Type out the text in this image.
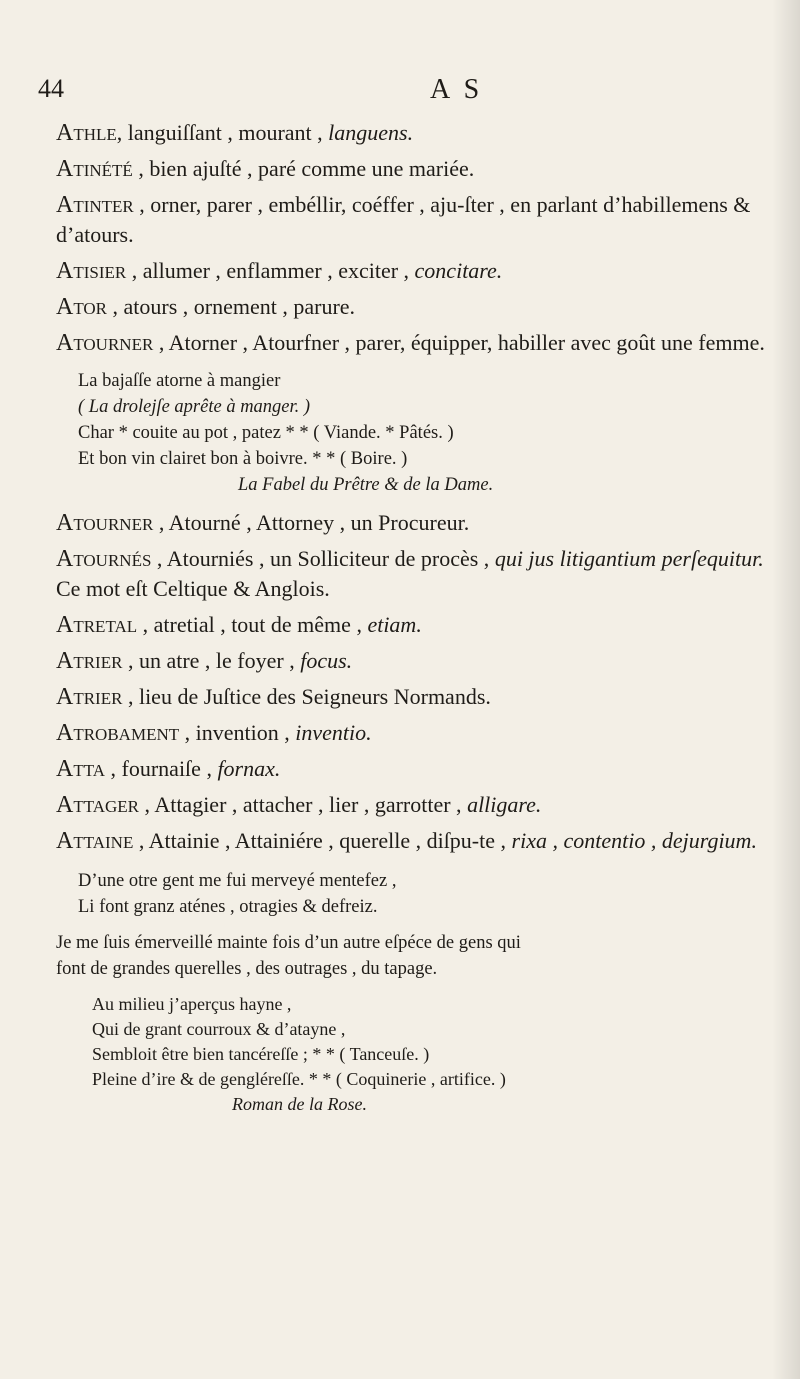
44	A S

Athle, languiſſant , mourant , languens.

Atinété , bien ajuſté , paré comme une mariée.

Atinter , orner, parer , embéllir, coéffer , aju-ſter , en parlant d’habillemens & d’atours.

Atisier , allumer , enflammer , exciter , concitare.

Ator , atours , ornement , parure.

Atourner , Atorner , Atourfner , parer, équipper, habiller avec goût une femme.

La bajaſſe atorne à mangier
( La drolejſe aprête à manger. )
Char * couite au pot , patez * * ( Viande. * Pâtés. )
Et bon vin clairet bon à boivre. * * ( Boire. )
La Fabel du Prêtre & de la Dame.

Atourner , Atourné , Attorney , un Procureur.

Atournés , Atourniés , un Solliciteur de procès , qui jus litigantium perſequitur. Ce mot eſt Celtique & Anglois.

Atretal , atretial , tout de même , etiam.

Atrier , un atre , le foyer , focus.

Atrier , lieu de Juſtice des Seigneurs Normands.

Atrobament , invention , inventio.

Atta , fournaiſe , fornax.

Attager , Attagier , attacher , lier , garrotter , alligare.

Attaine , Attainie , Attainiére , querelle , diſpu-te , rixa , contentio , dejurgium.

D’une otre gent me fui merveyé mentefez ,
Li font granz aténes , otragies & defreiz.
Je me ſuis émerveillé mainte fois d’un autre eſpéce de gens qui
font de grandes querelles , des outrages , du tapage.
Au milieu j’aperçus hayne ,
Qui de grant courroux & d’atayne ,
Sembloit être bien tancéreſſe ; * * ( Tanceuſe. )
Pleine d’ire & de gengléreſſe. * * ( Coquinerie , artifice. )
Roman de la Rose.
